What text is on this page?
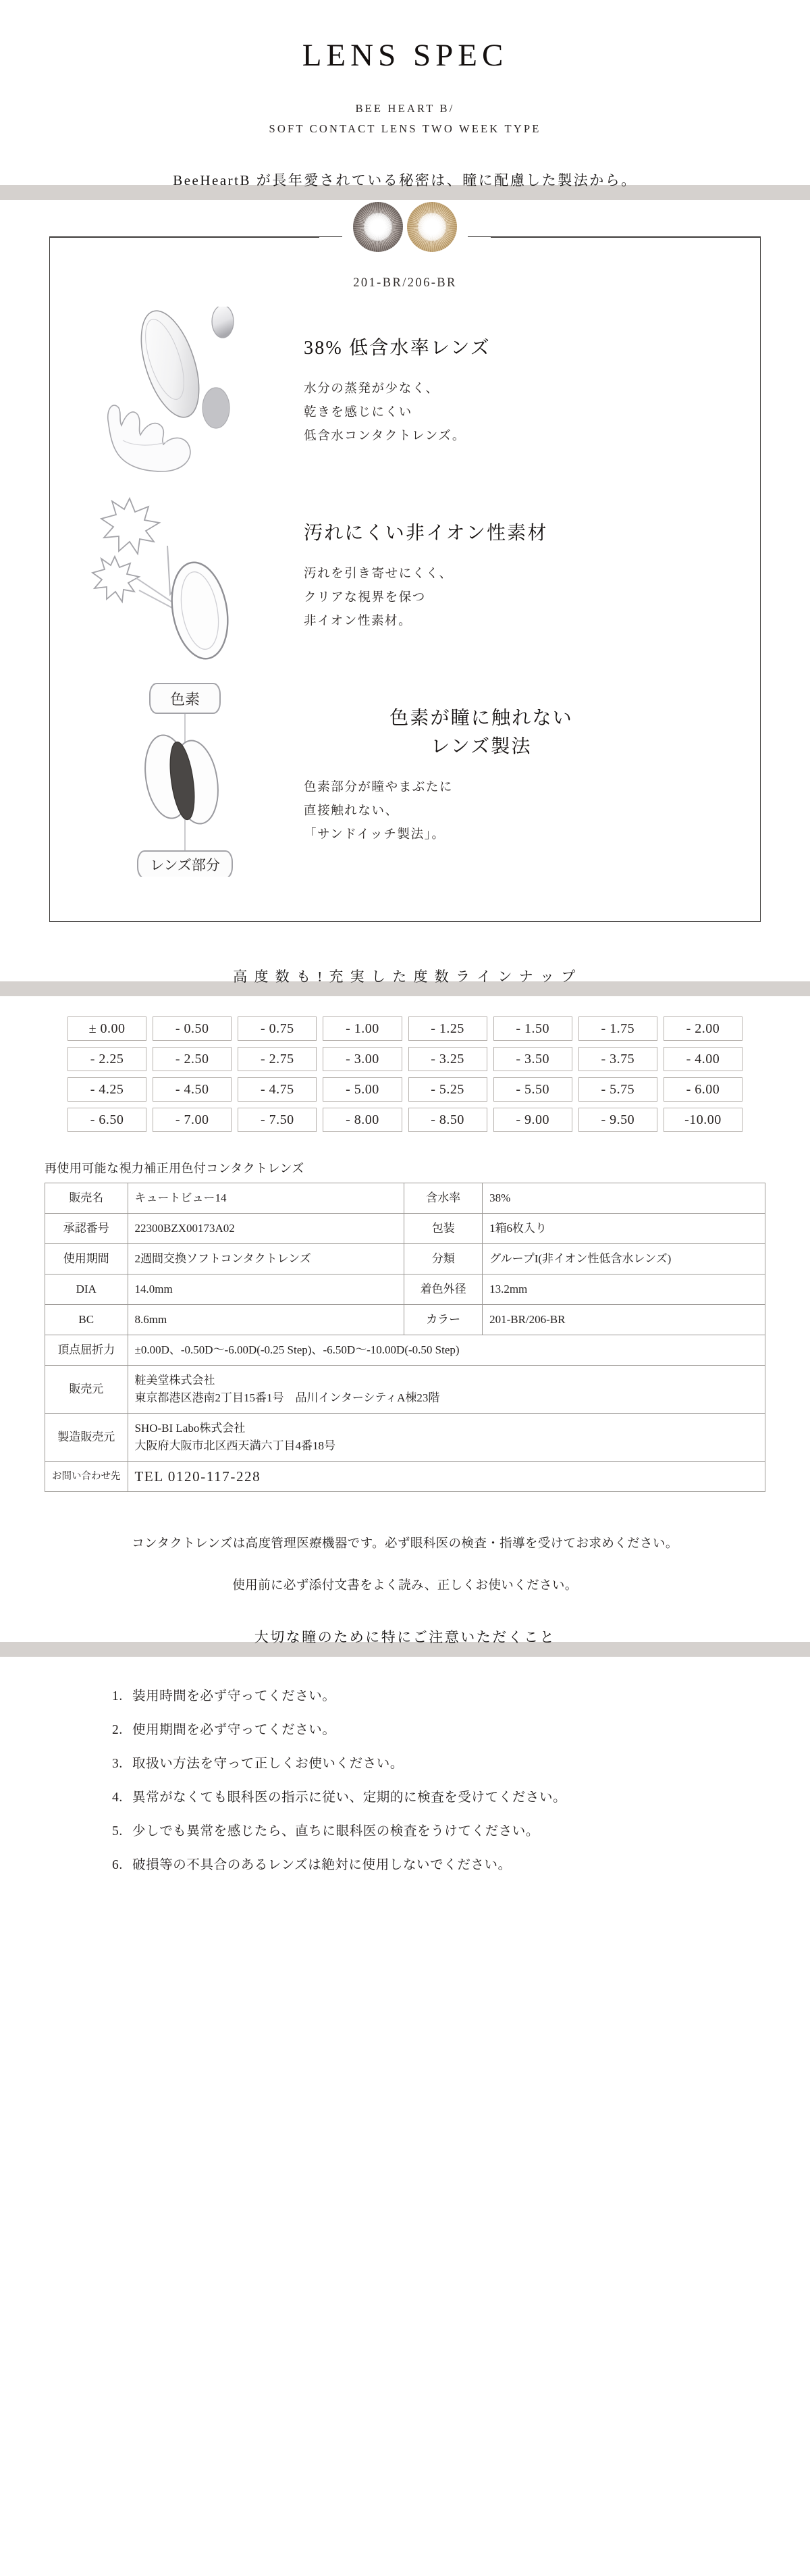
LENS SPEC
BEE HEART B/
SOFT CONTACT LENS TWO WEEK TYPE
BeeHeartB が長年愛されている秘密は、瞳に配慮した製法から。
201-BR/206-BR
38% 低含水率レンズ
水分の蒸発が少なく、
乾きを感じにくい
低含水コンタクトレンズ。
汚れにくい非イオン性素材
汚れを引き寄せにくく、
クリアな視界を保つ
非イオン性素材。
色素
レンズ部分
色素が瞳に触れない
レンズ製法
色素部分が瞳やまぶたに
直接触れない、
「サンドイッチ製法」。
高 度 数 も ! 充 実 し た 度 数 ラ イ ン ナ ッ プ
± 0.00	- 0.50	- 0.75	- 1.00	- 1.25	- 1.50	- 1.75	- 2.00
- 2.25	- 2.50	- 2.75	- 3.00	- 3.25	- 3.50	- 3.75	- 4.00
- 4.25	- 4.50	- 4.75	- 5.00	- 5.25	- 5.50	- 5.75	- 6.00
- 6.50	- 7.00	- 7.50	- 8.00	- 8.50	- 9.00	- 9.50	-10.00
再使用可能な視力補正用色付コンタクトレンズ
販売名	キュートビュー14	含水率	38%
承認番号	22300BZX00173A02	包装	1箱6枚入り
使用期間	2週間交換ソフトコンタクトレンズ	分類	グループI(非イオン性低含水レンズ)
DIA	14.0mm	着色外径	13.2mm
BC	8.6mm	カラー	201-BR/206-BR
頂点屈折力	±0.00D、-0.50D〜-6.00D(-0.25 Step)、-6.50D〜-10.00D(-0.50 Step)		
販売元	粧美堂株式会社
東京都港区港南2丁目15番1号　品川インターシティA棟23階		

製造販売元	SHO-BI Labo株式会社
大阪府大阪市北区西天満六丁目4番18号		

お問い合わせ先	TEL 0120-117-228		
コンタクトレンズは高度管理医療機器です。必ず眼科医の検査・指導を受けてお求めください。
使用前に必ず添付文書をよく読み、正しくお使いください。
大切な瞳のために特にご注意いただくこと
1. 装用時間を必ず守ってください。
2. 使用期間を必ず守ってください。
3. 取扱い方法を守って正しくお使いください。
4. 異常がなくても眼科医の指示に従い、定期的に検査を受けてください。
5. 少しでも異常を感じたら、直ちに眼科医の検査をうけてください。
6. 破損等の不具合のあるレンズは絶対に使用しないでください。
